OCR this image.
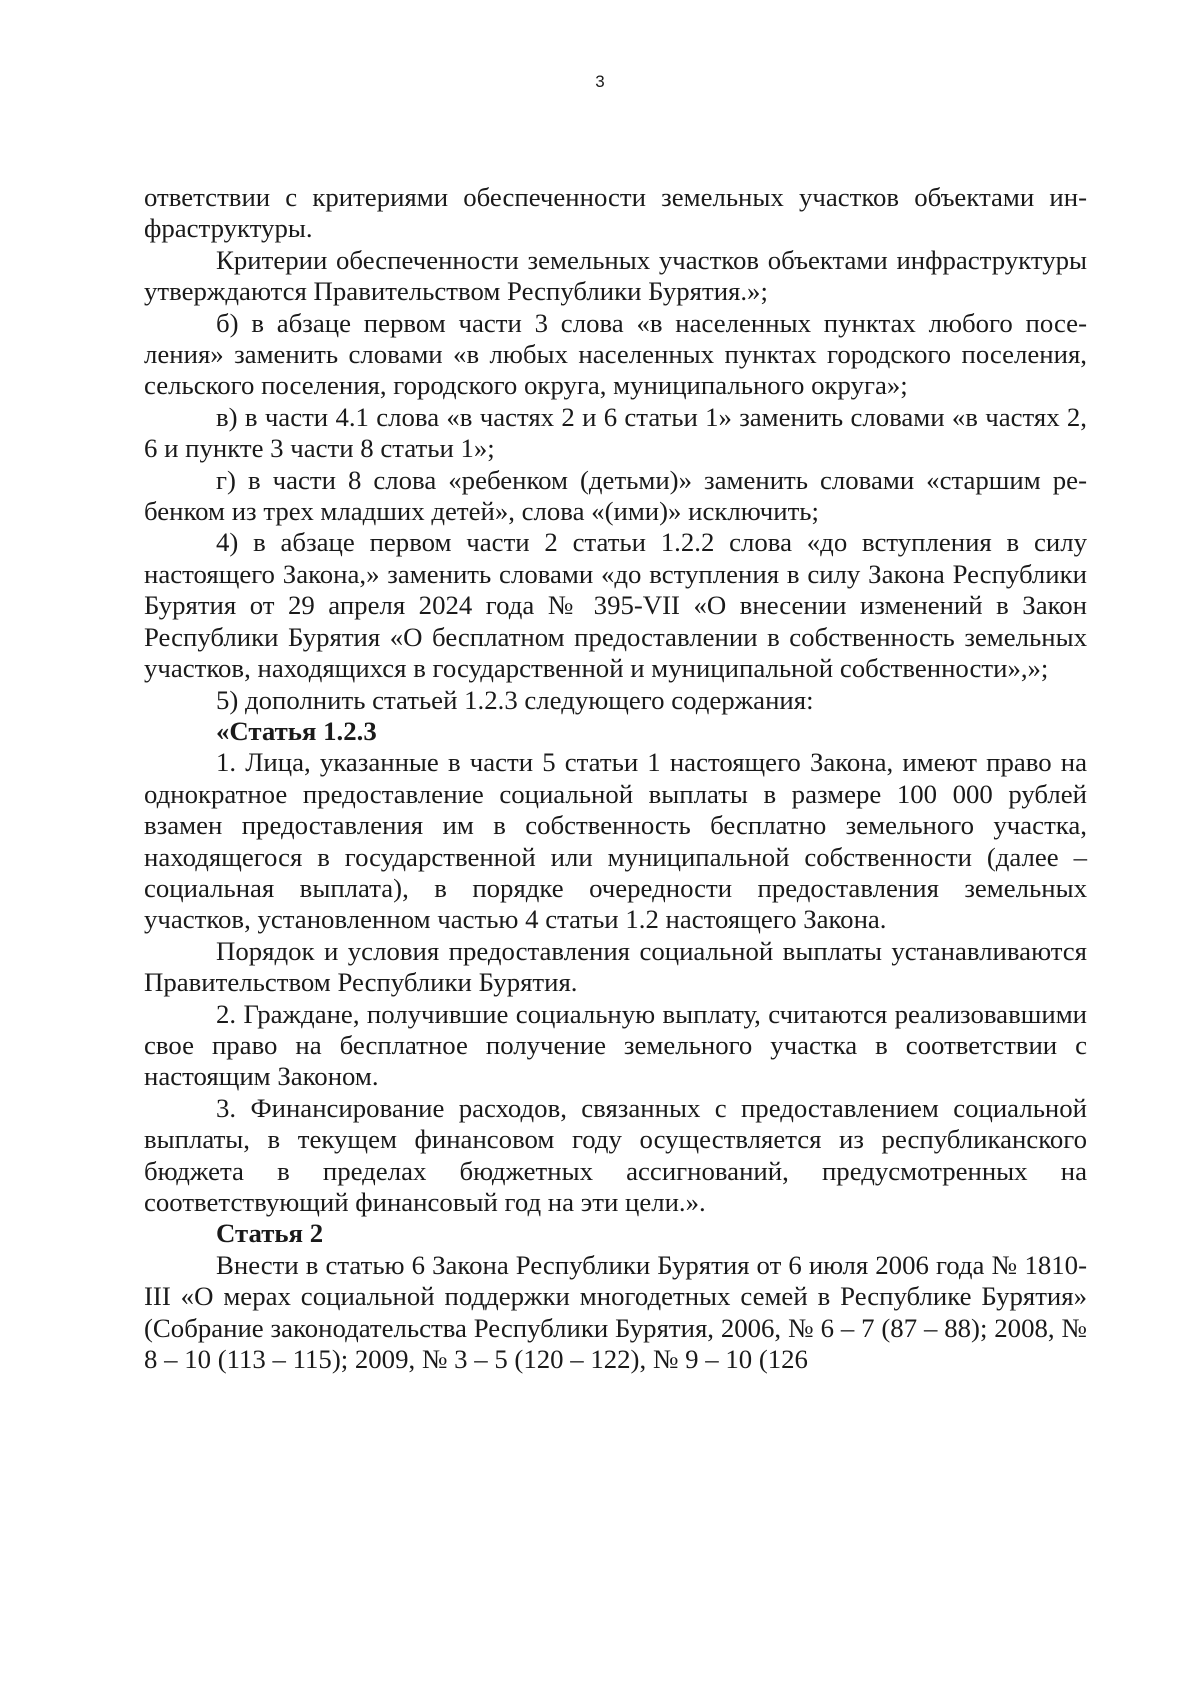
3

ответствии с критериями обеспеченности земельных участков объектами инфраструктуры.

Критерии обеспеченности земельных участков объектами инфраструктуры утверждаются Правительством Республики Бурятия.»;

б) в абзаце первом части 3 слова «в населенных пунктах любого поселения» заменить словами «в любых населенных пунктах городского поселения, сельского поселения, городского округа, муниципального округа»;

в) в части 4.1 слова «в частях 2 и 6 статьи 1» заменить словами «в частях 2, 6 и пункте 3 части 8 статьи 1»;

г) в части 8 слова «ребенком (детьми)» заменить словами «старшим ребенком из трех младших детей», слова «(ими)» исключить;

4) в абзаце первом части 2 статьи 1.2.2 слова «до вступления в силу настоящего Закона,» заменить словами «до вступления в силу Закона Республики Бурятия от 29 апреля 2024 года № 395-VII «О внесении изменений в Закон Республики Бурятия «О бесплатном предоставлении в собственность земельных участков, находящихся в государственной и муниципальной собственности»,»;

5) дополнить статьей 1.2.3 следующего содержания:

«Статья 1.2.3

1. Лица, указанные в части 5 статьи 1 настоящего Закона, имеют право на однократное предоставление социальной выплаты в размере 100 000 рублей взамен предоставления им в собственность бесплатно земельного участка, находящегося в государственной или муниципальной собственности (далее – социальная выплата), в порядке очередности предоставления земельных участков, установленном частью 4 статьи 1.2 настоящего Закона.

Порядок и условия предоставления социальной выплаты устанавливаются Правительством Республики Бурятия.

2. Граждане, получившие социальную выплату, считаются реализовавшими свое право на бесплатное получение земельного участка в соответствии с настоящим Законом.

3. Финансирование расходов, связанных с предоставлением социальной выплаты, в текущем финансовом году осуществляется из республиканского бюджета в пределах бюджетных ассигнований, предусмотренных на соответствующий финансовый год на эти цели.».

Статья 2

Внести в статью 6 Закона Республики Бурятия от 6 июля 2006 года № 1810-III «О мерах социальной поддержки многодетных семей в Республике Бурятия» (Собрание законодательства Республики Бурятия, 2006, № 6 – 7 (87 – 88); 2008, № 8 – 10 (113 – 115); 2009, № 3 – 5 (120 – 122), № 9 – 10 (126
